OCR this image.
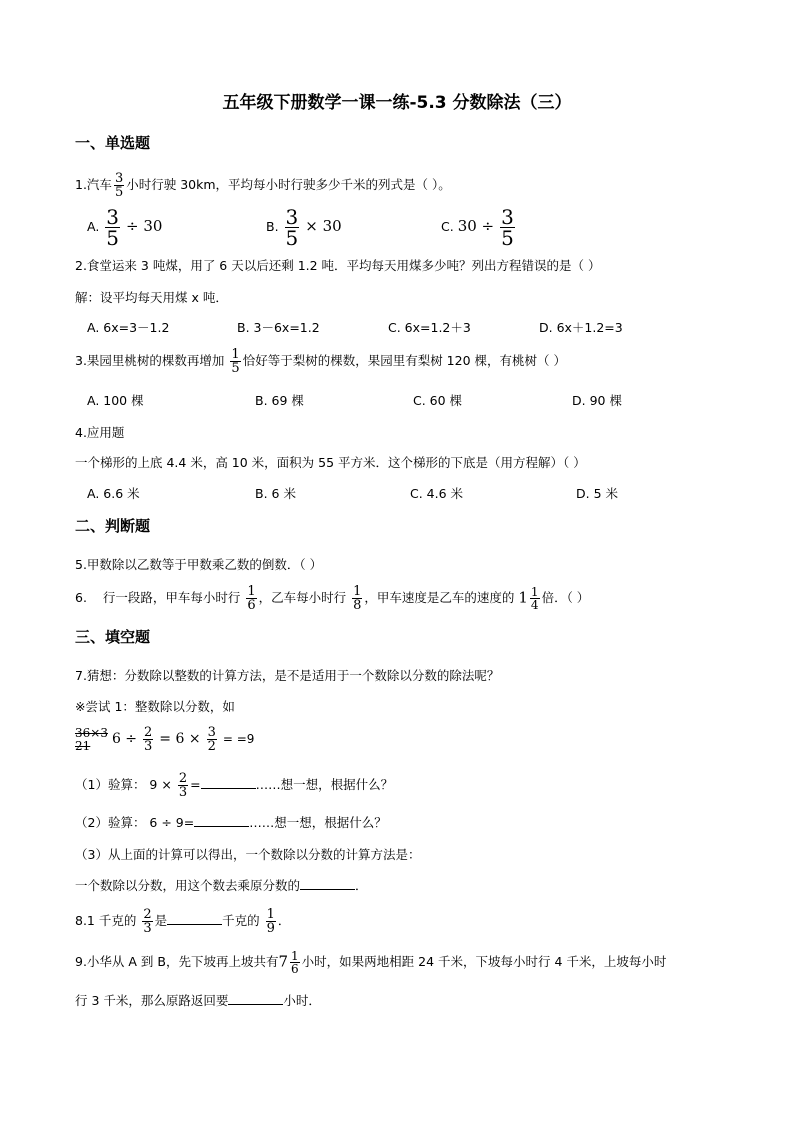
五年级下册数学一课一练-5.3 分数除法（三）
一、单选题
1.汽车 $\frac{3}{5}$ 小时行驶 30km，平均每小时行驶多少千米的列式是（ ）。
A. $\frac{3}{5} \div 30$	B. $\frac{3}{5} \times 30$	C. $30 \div \frac{3}{5}$
2.食堂运来 3 吨煤，用了 6 天以后还剩 1.2 吨．平均每天用煤多少吨？列出方程错误的是（ ）
解：设平均每天用煤 x 吨．
A. 6x=3－1.2	B. 3－6x=1.2	C. 6x=1.2＋3	D. 6x＋1.2=3
3.果园里桃树的棵数再增加 $\frac{1}{5}$ 恰好等于梨树的棵数，果园里有梨树 120 棵，有桃树（ ）
A. 100 棵	B. 69 棵	C. 60 棵	D. 90 棵
4.应用题
一个梯形的上底 4.4 米，高 10 米，面积为 55 平方米．这个梯形的下底是（用方程解）（ ）
A. 6.6 米	B. 6 米	C. 4.6 米	D. 5 米
二、判断题
5.甲数除以乙数等于甲数乘乙数的倒数．（ ）
6.    行一段路，甲车每小时行 $\frac{1}{6}$ ，乙车每小时行 $\frac{1}{8}$ ，甲车速度是乙车的速度的 $1 \frac{1}{4}$ 倍．（ ）
三、填空题
7.猜想：分数除以整数的计算方法，是不是适用于一个数除以分数的除法呢？
※尝试 1：整数除以分数，如
36×3
21	$6 \div \frac{2}{3} = 6 \times \frac{3}{2} = =9$
（1）验算： $9 \times \frac{2}{3}$ =	……想一想，根据什么？
（2）验算： 6 ÷ 9=	……想一想，根据什么？
（3）从上面的计算可以得出，一个数除以分数的计算方法是：
一个数除以分数，用这个数去乘原分数的	．
8.1 千克的 $\frac{2}{3}$ 是	千克的 $\frac{1}{9}$ ．
9.小华从 A 到 B，先下坡再上坡共有$7 \frac{1}{6}$ 小时，如果两地相距 24 千米，下坡每小时行 4 千米，上坡每小时
行 3 千米，那么原路返回要	小时．
